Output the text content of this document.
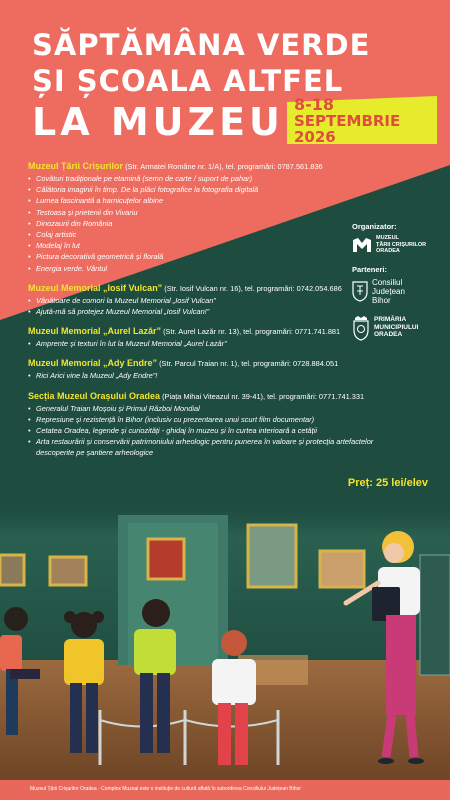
SĂPTĂMÂNA VERDE
ȘI ȘCOALA ALTFEL
LA MUZEU 8-18
SEPTEMBRIE
2026
Muzeul Țării Crișurilor (Str. Armatei Române nr. 1/A), tel. programări: 0787.561.836
• Covături tradiționale pe etamină (semn de carte / suport de pahar)
• Călătoria imaginii în timp. De la plăci fotografice la fotografia digitală
• Lumea fascinantă a harnicuțelor albine
• Testoasa și prietenii din Vivariu
• Dinozaurii din România
• Colaj artistic
• Modelaj în lut
• Pictura decorativă geometrică și florală
• Energia verde. Vântul
Muzeul Memorial „Iosif Vulcan” (Str. Iosif Vulcan nr. 16), tel. programări: 0742.054.686
• Vânătoare de comori la Muzeul Memorial „Iosif Vulcan”
• Ajută-mă să protejez Muzeul Memorial „Iosif Vulcan!”
Muzeul Memorial „Aurel Lazăr” (Str. Aurel Lazăr nr. 13), tel. programări: 0771.741.881
• Amprente și texturi în lut la Muzeul Memorial „Aurel Lazăr”
Muzeul Memorial „Ady Endre” (Str. Parcul Traian nr. 1), tel. programări: 0728.884.051
• Rici Arici vine la Muzeul „Ady Endre”!
Secția Muzeul Orașului Oradea (Piața Mihai Viteazul nr. 39-41), tel. programări: 0771.741.331
• Generalul Traian Moșoiu și Primul Război Mondial
• Represiune și rezistență în Bihor (inclusiv cu prezentarea unui scurt film documentar)
• Cetatea Oradea, legende și curiozități - ghidaj în muzeu și în curtea interioară a cetății
• Arta restaurării și conservării patrimoniului arheologic pentru punerea în valoare și protecția artefactelor
descoperite pe șantiere arheologice
Organizator:
MUZEUL
ȚĂRII CRIȘURILOR
ORADEA
Parteneri:
Consiliul
Județean
Bihor
PRIMĂRIA
MUNICIPIULUI
ORADEA
Preț: 25 lei/elev
Muzeul Țării Crișurilor Oradea - Complex Muzeal este o instituție de cultură aflată în subordinea Consiliului Județean Bihor
